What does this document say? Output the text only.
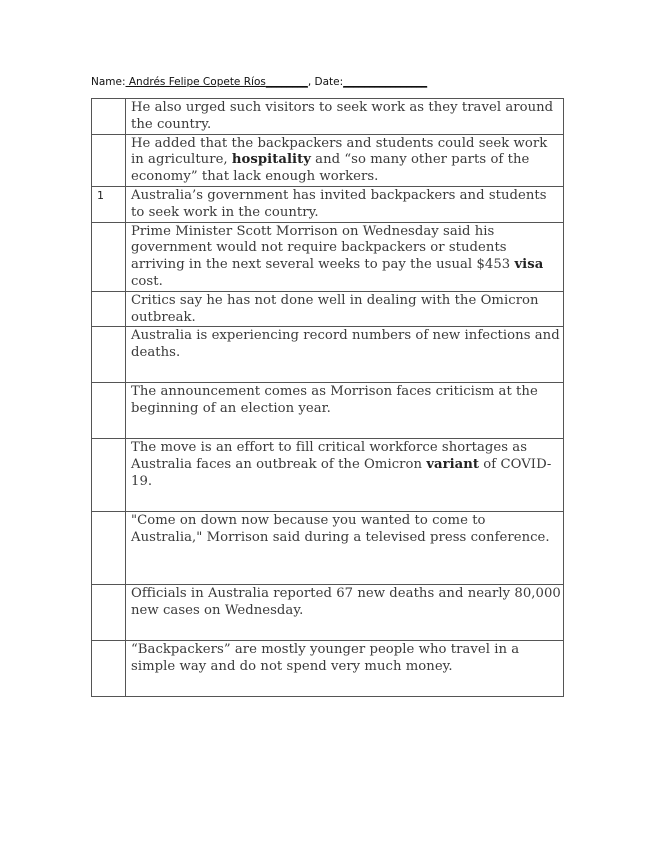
Name: Andrés Felipe Copete Ríos________, Date:________________
	He also urged such visitors to seek work as they travel around the country.
	He added that the backpackers and students could seek work in agriculture, hospitality and “so many other parts of the economy” that lack enough workers.
1	Australia’s government has invited backpackers and students to seek work in the country.
	Prime Minister Scott Morrison on Wednesday said his government would not require backpackers or students arriving in the next several weeks to pay the usual $453 visa cost.
	Critics say he has not done well in dealing with the Omicron outbreak.
	Australia is experiencing record numbers of new infections and deaths.
	The announcement comes as Morrison faces criticism at the beginning of an election year.
	The move is an effort to fill critical workforce shortages as Australia faces an outbreak of the Omicron variant of COVID-19.
	"Come on down now because you wanted to come to Australia," Morrison said during a televised press conference.
	Officials in Australia reported 67 new deaths and nearly 80,000 new cases on Wednesday.
	“Backpackers” are mostly younger people who travel in a simple way and do not spend very much money.
